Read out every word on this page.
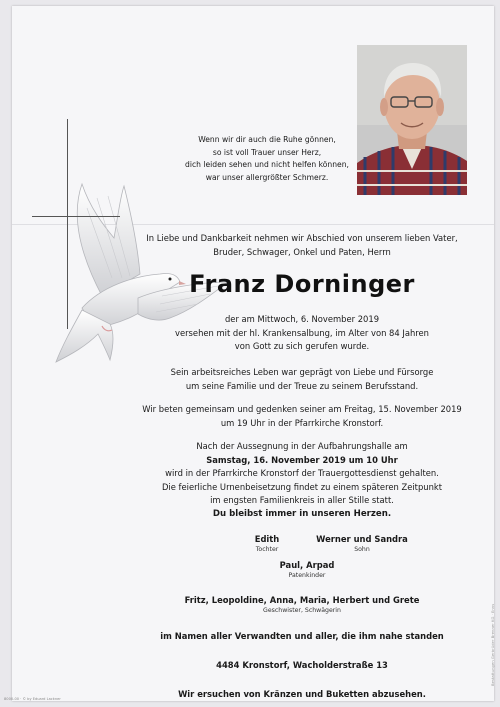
Wenn wir dir auch die Ruhe gönnen,
so ist voll Trauer unser Herz,
dich leiden sehen und nicht helfen können,
war unser allergrößter Schmerz.
In Liebe und Dankbarkeit nehmen wir Abschied von unserem lieben Vater,
Bruder, Schwager, Onkel und Paten, Herrn
Franz Dorninger
der am Mittwoch, 6. November 2019
versehen mit der hl. Krankensalbung, im Alter von 84 Jahren
von Gott zu sich gerufen wurde.
Sein arbeitsreiches Leben war geprägt von Liebe und Fürsorge
um seine Familie und der Treue zu seinem Berufsstand.
Wir beten gemeinsam und gedenken seiner am Freitag, 15. November 2019
um 19 Uhr in der Pfarrkirche Kronstorf.
Nach der Aussegnung in der Aufbahrungshalle am
Samstag, 16. November 2019 um 10 Uhr
wird in der Pfarrkirche Kronstorf der Trauergottesdienst gehalten.
Die feierliche Urnenbeisetzung findet zu einem späteren Zeitpunkt
im engsten Familienkreis in aller Stille statt.
Du bleibst immer in unseren Herzen.
Edith
Tochter
Werner und Sandra
Sohn
Paul, Arpad
Patenkinder
Fritz, Leopoldine, Anna, Maria, Herbert und Grete
Geschwister, Schwägerin
im Namen aller Verwandten und aller, die ihm nahe standen
4484 Kronstorf, Wacholderstraße 13
Wir ersuchen von Kränzen und Buketten abzusehen.
Bestattungen Gerbrüder Brenner KG · Enns
8000-00 · © by Eduard Lackner
